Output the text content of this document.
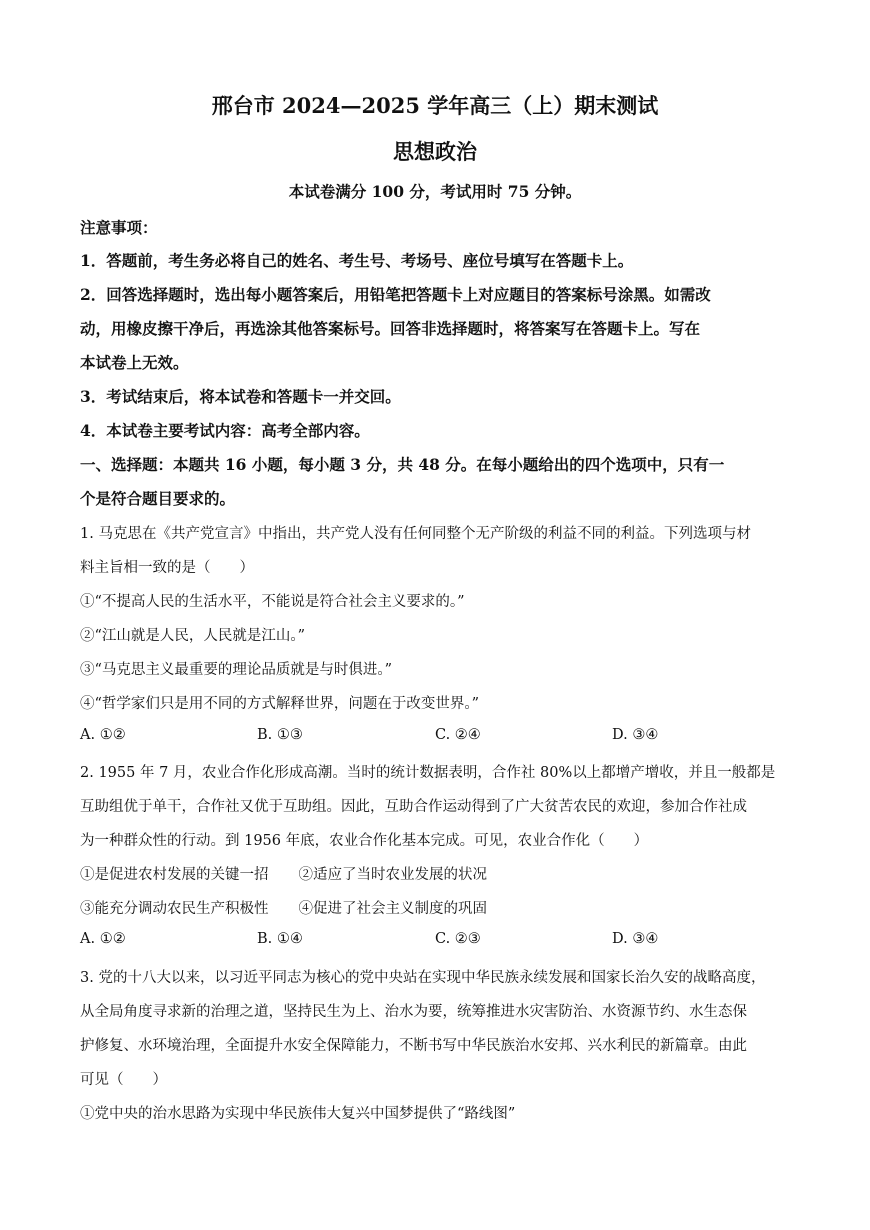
邢台市 2024—2025 学年高三（上）期末测试
思想政治
本试卷满分 100 分，考试用时 75 分钟。
注意事项：
1．答题前，考生务必将自己的姓名、考生号、考场号、座位号填写在答题卡上。
2．回答选择题时，选出每小题答案后，用铅笔把答题卡上对应题目的答案标号涂黑。如需改
动，用橡皮擦干净后，再选涂其他答案标号。回答非选择题时，将答案写在答题卡上。写在
本试卷上无效。
3．考试结束后，将本试卷和答题卡一并交回。
4．本试卷主要考试内容：高考全部内容。
一、选择题：本题共 16 小题，每小题 3 分，共 48 分。在每小题给出的四个选项中，只有一
个是符合题目要求的。
1. 马克思在《共产党宣言》中指出，共产党人没有任何同整个无产阶级的利益不同的利益。下列选项与材
料主旨相一致的是（　　）
①“不提高人民的生活水平，不能说是符合社会主义要求的。”
②“江山就是人民，人民就是江山。”
③“马克思主义最重要的理论品质就是与时俱进。”
④“哲学家们只是用不同的方式解释世界，问题在于改变世界。”
A. ①②	B. ①③	C. ②④	D. ③④
2. 1955 年 7 月，农业合作化形成高潮。当时的统计数据表明，合作社 80%以上都增产增收，并且一般都是
互助组优于单干，合作社又优于互助组。因此，互助合作运动得到了广大贫苦农民的欢迎，参加合作社成
为一种群众性的行动。到 1956 年底，农业合作化基本完成。可见，农业合作化（　　）
①是促进农村发展的关键一招 ②适应了当时农业发展的状况
③能充分调动农民生产积极性 ④促进了社会主义制度的巩固
A. ①②	B. ①④	C. ②③	D. ③④
3. 党的十八大以来，以习近平同志为核心的党中央站在实现中华民族永续发展和国家长治久安的战略高度，
从全局角度寻求新的治理之道，坚持民生为上、治水为要，统筹推进水灾害防治、水资源节约、水生态保
护修复、水环境治理，全面提升水安全保障能力，不断书写中华民族治水安邦、兴水利民的新篇章。由此
可见（　　）
①党中央的治水思路为实现中华民族伟大复兴中国梦提供了“路线图”
